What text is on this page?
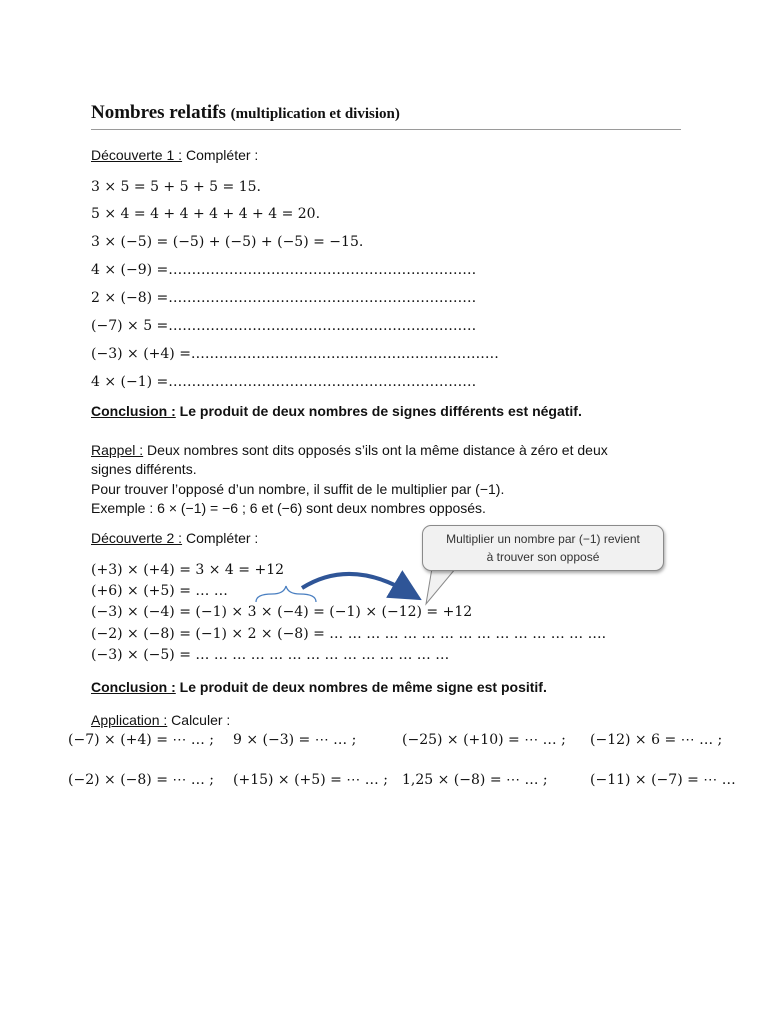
Nombres relatifs (multiplication et division)
Découverte 1 : Compléter :
3 × 5 = 5 + 5 + 5 = 15.
5 × 4 = 4 + 4 + 4 + 4 + 4 = 20.
3 × (−5) = (−5) + (−5) + (−5) = −15.
4 × (−9) =…………………………………………………………
2 × (−8) =…………………………………………………………
(−7) × 5 =…………………………………………………………
(−3) × (+4) =…………………………………………………………
4 × (−1) =…………………………………………………………
Conclusion : Le produit de deux nombres de signes différents est négatif.
Rappel : Deux nombres sont dits opposés s’ils ont la même distance à zéro et deux
signes différents.
Pour trouver l’opposé d’un nombre, il suffit de le multiplier par (−1).
Exemple : 6 × (−1) = −6 ; 6 et (−6) sont deux nombres opposés.
Découverte 2 : Compléter :
(+3) × (+4) = 3 × 4 = +12
(+6) × (+5) = … …
(−3) × (−4) = (−1) × 3 × (−4) = (−1) × (−12) = +12
(−2) × (−8) = (−1) × 2 × (−8) = … … … … … … … … … … … … … … ….
(−3) × (−5) = … … … … … … … … … … … … … …
Multiplier un nombre par (−1) revient
à trouver son opposé
Conclusion : Le produit de deux nombres de même signe est positif.
Application : Calculer :
(−7) × (+4) = ⋯ … ; 9 × (−3) = ⋯ … ;	(−25) × (+10) = ⋯ … ; (−12) × 6 = ⋯ … ;
(−2) × (−8) = ⋯ … ; (+15) × (+5) = ⋯ … ; 1,25 × (−8) = ⋯ … ;	(−11) × (−7) = ⋯ …
